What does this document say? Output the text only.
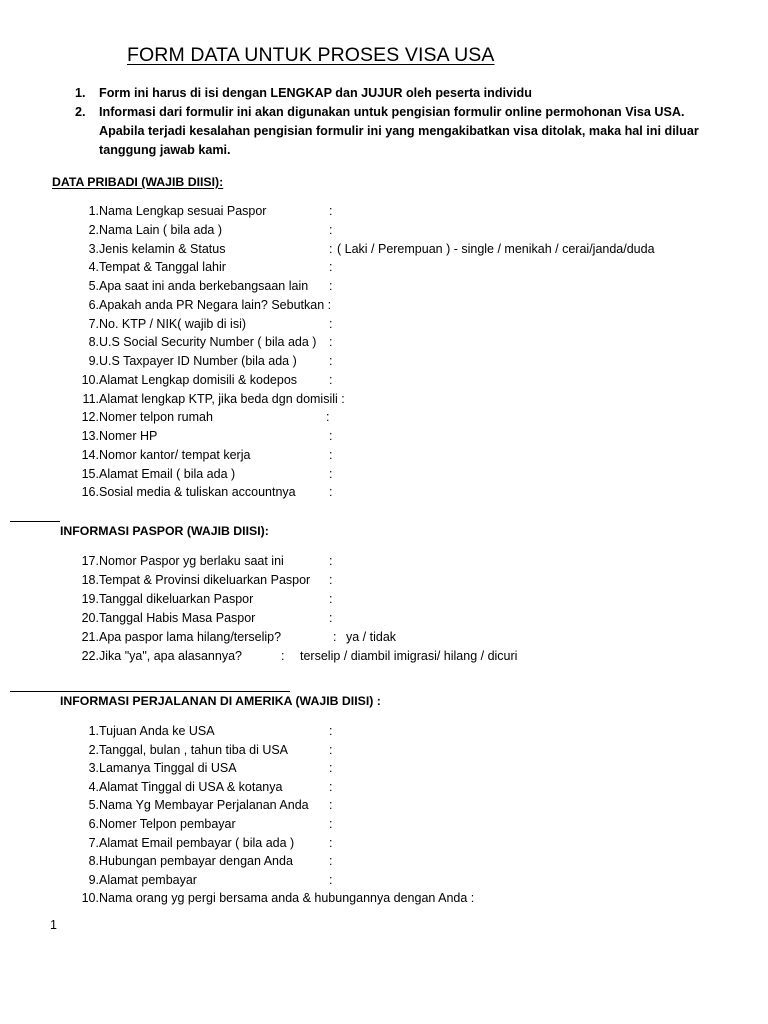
FORM DATA UNTUK PROSES VISA USA
1. Form ini harus di isi dengan LENGKAP dan JUJUR oleh peserta individu
2. Informasi dari formulir ini akan digunakan untuk pengisian formulir online permohonan Visa USA.
Apabila terjadi kesalahan pengisian formulir ini yang mengakibatkan visa ditolak, maka hal ini diluar
tanggung jawab kami.
DATA PRIBADI (WAJIB DIISI):
1. Nama Lengkap sesuai Paspor	:
2. Nama Lain ( bila ada )	:
3. Jenis kelamin & Status	: ( Laki / Perempuan ) - single / menikah / cerai/janda/duda
4. Tempat & Tanggal lahir	:
5. Apa saat ini anda berkebangsaan lain :
6. Apakah anda PR Negara lain? Sebutkan :
7. No. KTP / NIK( wajib di isi)	:
8. U.S Social Security Number ( bila ada ) :
9. U.S Taxpayer ID Number (bila ada )	:
10. Alamat Lengkap domisili & kodepos	:
11. Alamat lengkap KTP, jika beda dgn domisili :
12. Nomer telpon rumah	:
13. Nomer HP	:
14. Nomor kantor/ tempat kerja	:
15. Alamat Email ( bila ada )	:
16. Sosial media & tuliskan accountnya	:
INFORMASI PASPOR (WAJIB DIISI):
17. Nomor Paspor yg berlaku saat ini	:
18. Tempat & Provinsi dikeluarkan Paspor :
19. Tanggal dikeluarkan Paspor	:
20. Tanggal Habis Masa Paspor	:
21. Apa paspor lama hilang/terselip?	: ya / tidak
22. Jika "ya", apa alasannya?	: terselip / diambil imigrasi/ hilang / dicuri
INFORMASI PERJALANAN DI AMERIKA (WAJIB DIISI) :
1. Tujuan Anda ke USA	:
2. Tanggal, bulan , tahun tiba di USA	:
3. Lamanya Tinggal di USA	:
4. Alamat Tinggal di USA & kotanya	:
5. Nama Yg Membayar Perjalanan Anda :
6. Nomer Telpon pembayar	:
7. Alamat Email pembayar ( bila ada )	:
8. Hubungan pembayar dengan Anda	:
9. Alamat pembayar	:
10. Nama orang yg pergi bersama anda & hubungannya dengan Anda :
1
